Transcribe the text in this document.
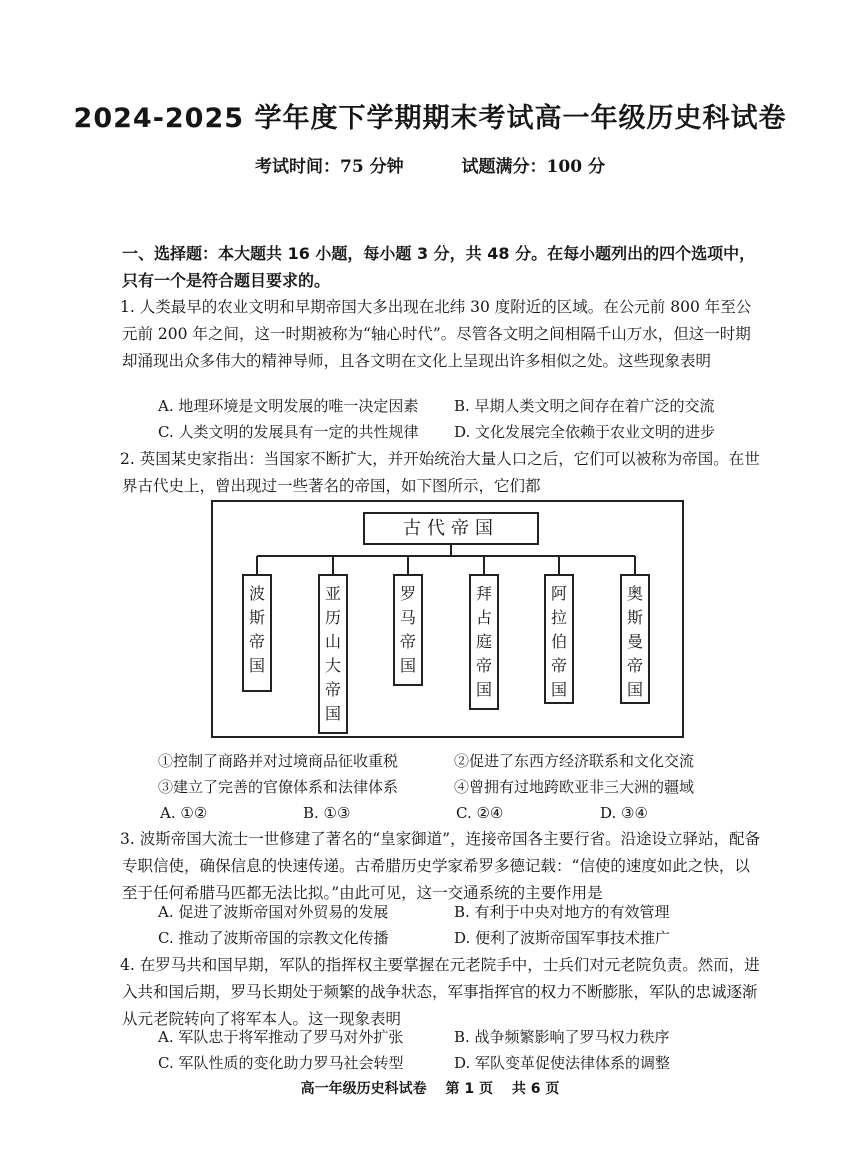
2024-2025 学年度下学期期末考试高一年级历史科试卷
考试时间：75 分钟	试题满分：100 分
一、选择题：本大题共 16 小题，每小题 3 分，共 48 分。在每小题列出的四个选项中，只有一个是符合题目要求的。
1. 人类最早的农业文明和早期帝国大多出现在北纬 30 度附近的区域。在公元前 800 年至公元前 200 年之间，这一时期被称为“轴心时代”。尽管各文明之间相隔千山万水，但这一时期却涌现出众多伟大的精神导师，且各文明在文化上呈现出许多相似之处。这些现象表明
A. 地理环境是文明发展的唯一决定因素 B. 早期人类文明之间存在着广泛的交流
C. 人类文明的发展具有一定的共性规律 D. 文化发展完全依赖于农业文明的进步
2. 英国某史家指出：当国家不断扩大，并开始统治大量人口之后，它们可以被称为帝国。在世界古代史上，曾出现过一些著名的帝国，如下图所示，它们都
古代帝国
波斯帝国
亚历山大帝国
罗马帝国
拜占庭帝国
阿拉伯帝国
奥斯曼帝国
①控制了商路并对过境商品征收重税	②促进了东西方经济联系和文化交流
③建立了完善的官僚体系和法律体系	④曾拥有过地跨欧亚非三大洲的疆域
A. ①②	B. ①③	C. ②④	D. ③④
3. 波斯帝国大流士一世修建了著名的“皇家御道”，连接帝国各主要行省。沿途设立驿站，配备专职信使，确保信息的快速传递。古希腊历史学家希罗多德记载：“信使的速度如此之快，以至于任何希腊马匹都无法比拟。”由此可见，这一交通系统的主要作用是
A. 促进了波斯帝国对外贸易的发展	B. 有利于中央对地方的有效管理
C. 推动了波斯帝国的宗教文化传播	D. 便利了波斯帝国军事技术推广
4. 在罗马共和国早期，军队的指挥权主要掌握在元老院手中，士兵们对元老院负责。然而，进入共和国后期，罗马长期处于频繁的战争状态，军事指挥官的权力不断膨胀，军队的忠诚逐渐从元老院转向了将军本人。这一现象表明
A. 军队忠于将军推动了罗马对外扩张	B. 战争频繁影响了罗马权力秩序
C. 军队性质的变化助力罗马社会转型	D. 军队变革促使法律体系的调整
高一年级历史科试卷 第 1 页 共 6 页
